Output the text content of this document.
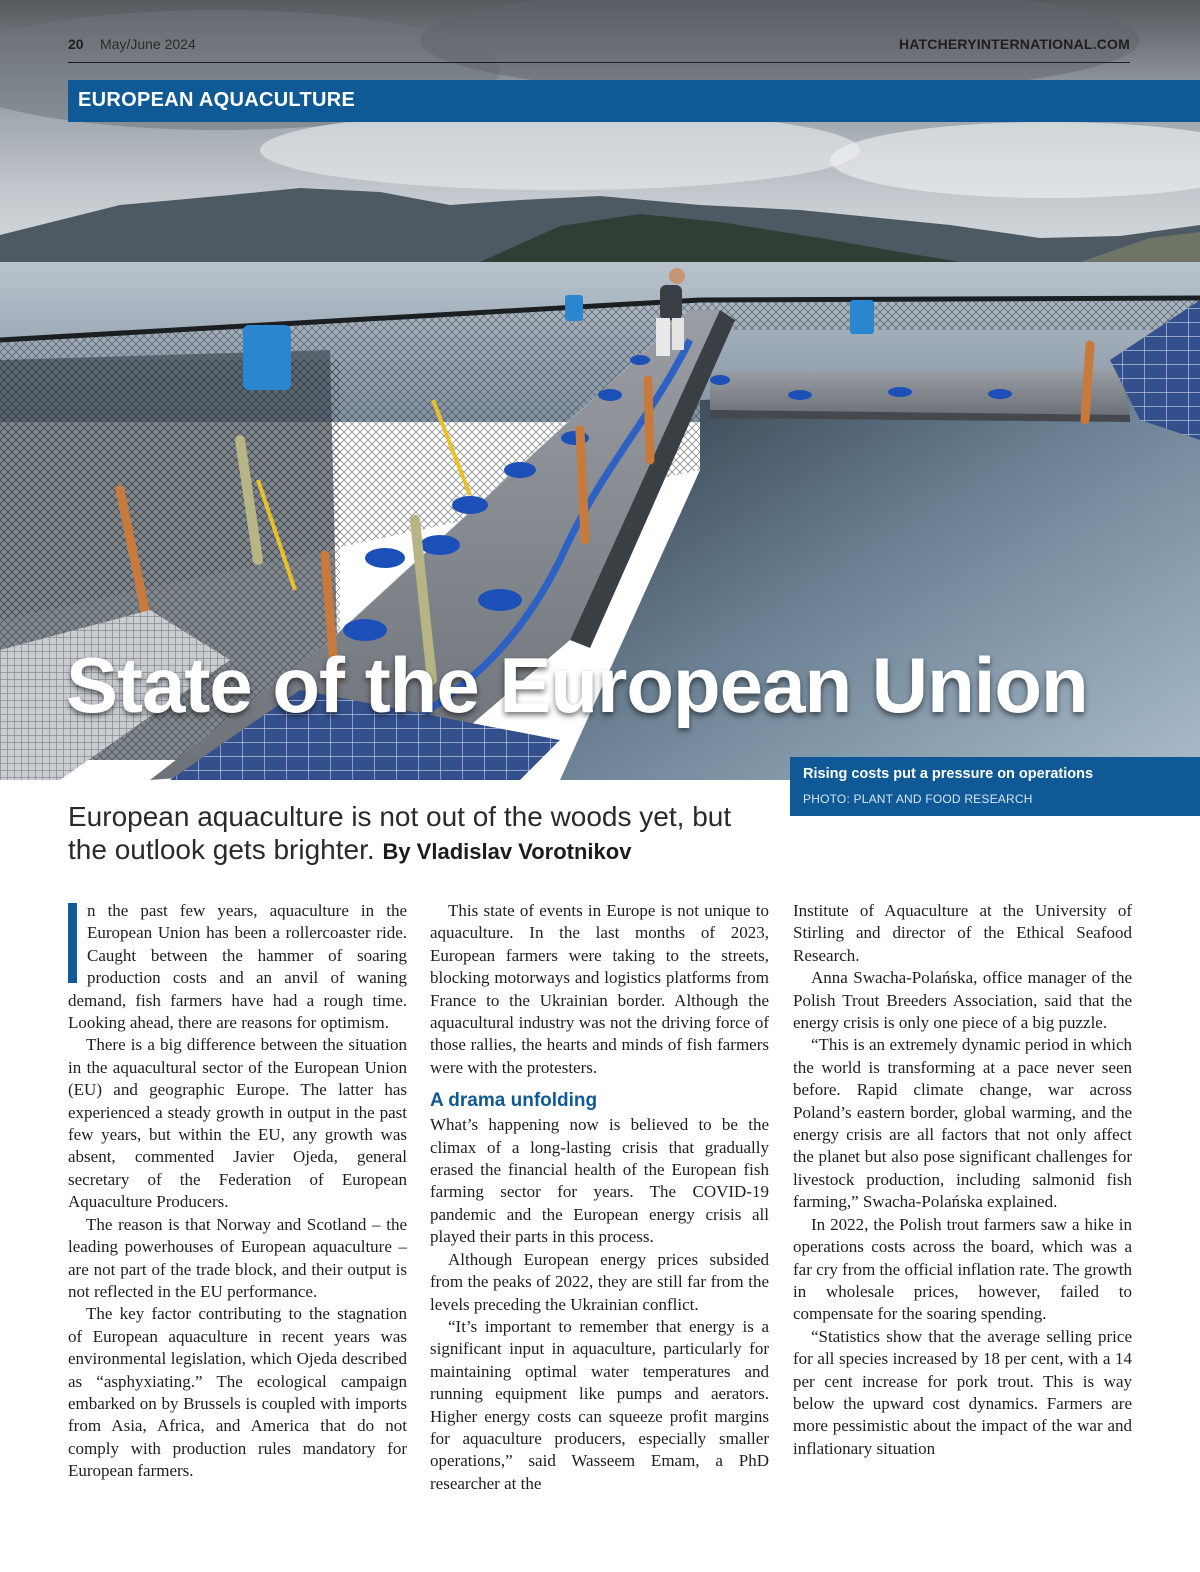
20 May/June 2024	HATCHERYINTERNATIONAL.COM
EUROPEAN AQUACULTURE
State of the European Union
Rising costs put a pressure on operations
PHOTO: PLANT AND FOOD RESEARCH
European aquaculture is not out of the woods yet, but the outlook gets brighter. By Vladislav Vorotnikov

n the past few years, aquaculture in the European Union has been a rollercoaster ride. Caught between the hammer of soaring production costs and an anvil of waning demand, fish farmers have had a rough time. Looking ahead, there are reasons for optimism.

There is a big difference between the situation in the aquacultural sector of the European Union (EU) and geographic Europe. The latter has experienced a steady growth in output in the past few years, but within the EU, any growth was absent, commented Javier Ojeda, general secretary of the Federation of European Aquaculture Producers.

The reason is that Norway and Scotland – the leading powerhouses of European aquaculture – are not part of the trade block, and their output is not reflected in the EU performance.

The key factor contributing to the stagnation of European aquaculture in recent years was environmental legislation, which Ojeda described as “asphyxiating.” The ecological campaign embarked on by Brussels is coupled with imports from Asia, Africa, and America that do not comply with production rules mandatory for European farmers.

This state of events in Europe is not unique to aquaculture. In the last months of 2023, European farmers were taking to the streets, blocking motorways and logistics platforms from France to the Ukrainian border. Although the aquacultural industry was not the driving force of those rallies, the hearts and minds of fish farmers were with the protesters.

A drama unfolding

What’s happening now is believed to be the climax of a long-lasting crisis that gradually erased the financial health of the European fish farming sector for years. The COVID-19 pandemic and the European energy crisis all played their parts in this process.

Although European energy prices subsided from the peaks of 2022, they are still far from the levels preceding the Ukrainian conflict.

“It’s important to remember that energy is a significant input in aquaculture, particularly for maintaining optimal water temperatures and running equipment like pumps and aerators. Higher energy costs can squeeze profit margins for aquaculture producers, especially smaller operations,” said Wasseem Emam, a PhD researcher at the

Institute of Aquaculture at the University of Stirling and director of the Ethical Seafood Research.

Anna Swacha-Polańska, office manager of the Polish Trout Breeders Association, said that the energy crisis is only one piece of a big puzzle.

“This is an extremely dynamic period in which the world is transforming at a pace never seen before. Rapid climate change, war across Poland’s eastern border, global warming, and the energy crisis are all factors that not only affect the planet but also pose significant challenges for livestock production, including salmonid fish farming,” Swacha-Polańska explained.

In 2022, the Polish trout farmers saw a hike in operations costs across the board, which was a far cry from the official inflation rate. The growth in wholesale prices, however, failed to compensate for the soaring spending.

“Statistics show that the average selling price for all species increased by 18 per cent, with a 14 per cent increase for pork trout. This is way below the upward cost dynamics. Farmers are more pessimistic about the impact of the war and inflationary situation
